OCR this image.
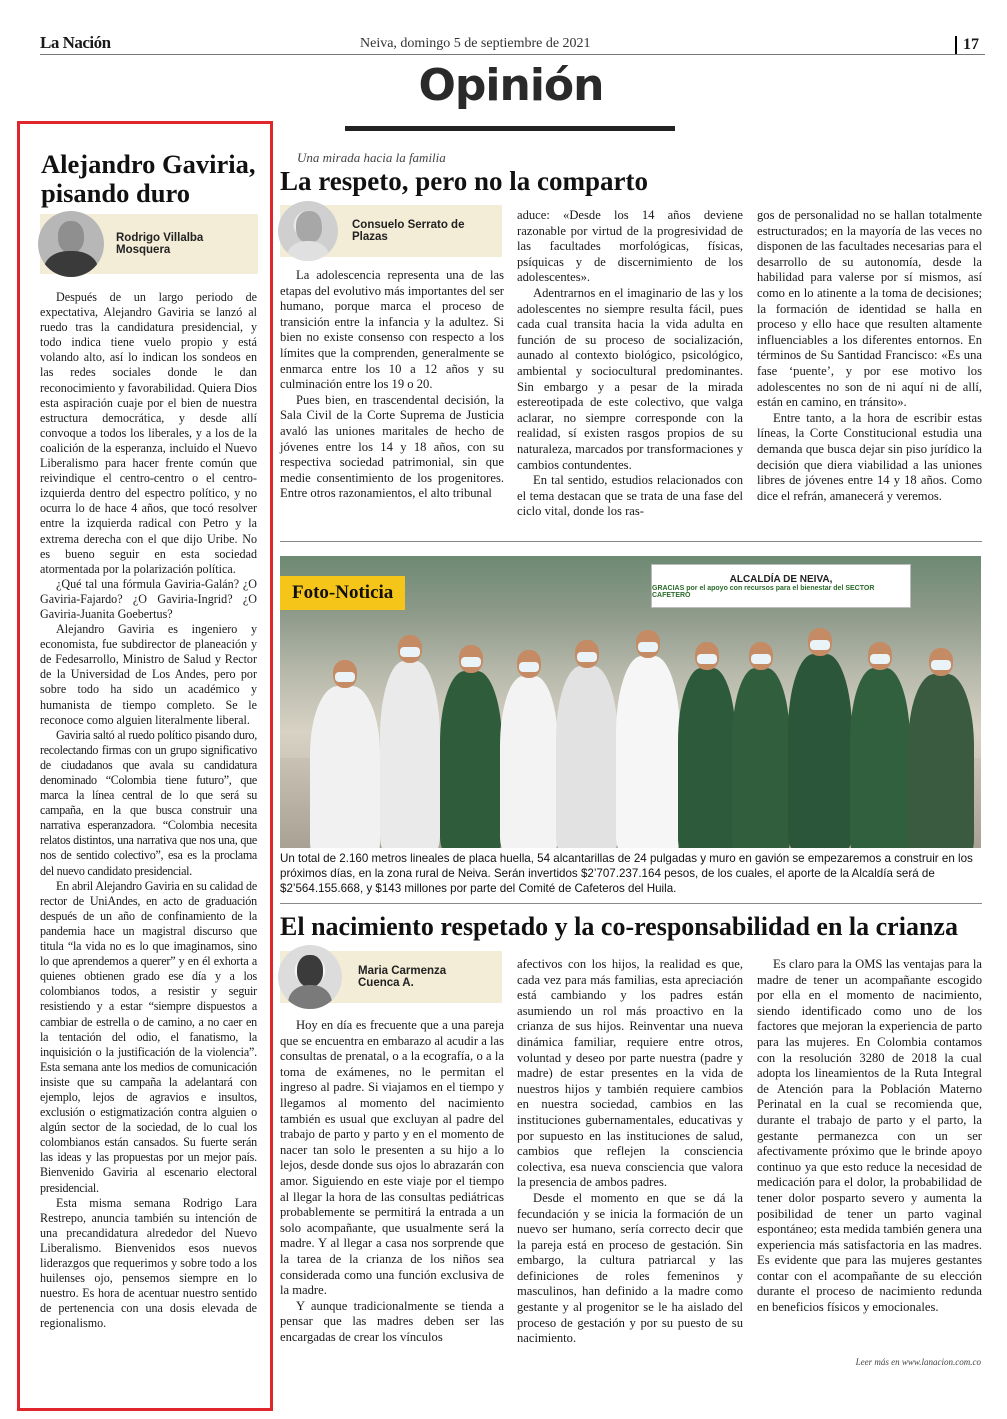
La Nación	Neiva, domingo 5 de septiembre de 2021	17
Opinión
Alejandro Gaviria, pisando duro
Rodrigo Villalba Mosquera

Después de un largo periodo de expectativa, Alejandro Gaviria se lanzó al ruedo tras la candidatura presidencial, y todo indica tiene vuelo propio y está volando alto, así lo indican los sondeos en las redes sociales donde le dan reconocimiento y favorabilidad. Quiera Dios esta aspiración cuaje por el bien de nuestra estructura democrática, y desde allí convoque a todos los liberales, y a los de la coalición de la esperanza, incluido el Nuevo Liberalismo para hacer frente común que reivindique el centro-centro o el centro-izquierda dentro del espectro político, y no ocurra lo de hace 4 años, que tocó resolver entre la izquierda radical con Petro y la extrema derecha con el que dijo Uribe. No es bueno seguir en esta sociedad atormentada por la polarización política.

¿Qué tal una fórmula Gaviria-Galán? ¿O Gaviria-Fajardo? ¿O Gaviria-Ingrid? ¿O Gaviria-Juanita Goebertus?

Alejandro Gaviria es ingeniero y economista, fue subdirector de planeación y de Fedesarrollo, Ministro de Salud y Rector de la Universidad de Los Andes, pero por sobre todo ha sido un académico y humanista de tiempo completo. Se le reconoce como alguien literalmente liberal.

Gaviria saltó al ruedo político pisando duro, recolectando firmas con un grupo significativo de ciudadanos que avala su candidatura denominado “Colombia tiene futuro”, que marca la línea central de lo que será su campaña, en la que busca construir una narrativa esperanzadora. “Colombia necesita relatos distintos, una narrativa que nos una, que nos de sentido colectivo”, esa es la proclama del nuevo candidato presidencial.

En abril Alejandro Gaviria en su calidad de rector de UniAndes, en acto de graduación después de un año de confinamiento de la pandemia hace un magistral discurso que titula “la vida no es lo que imaginamos, sino lo que aprendemos a querer” y en él exhorta a quienes obtienen grado ese día y a los colombianos todos, a resistir y seguir resistiendo y a estar “siempre dispuestos a cambiar de estrella o de camino, a no caer en la tentación del odio, el fanatismo, la inquisición o la justificación de la violencia”. Esta semana ante los medios de comunicación insiste que su campaña la adelantará con ejemplo, lejos de agravios e insultos, exclusión o estigmatización contra alguien o algún sector de la sociedad, de lo cual los colombianos están cansados. Su fuerte serán las ideas y las propuestas por un mejor país. Bienvenido Gaviria al escenario electoral presidencial.

Esta misma semana Rodrigo Lara Restrepo, anuncia también su intención de una precandidatura alrededor del Nuevo Liberalismo. Bienvenidos esos nuevos liderazgos que requerimos y sobre todo a los huilenses ojo, pensemos siempre en lo nuestro. Es hora de acentuar nuestro sentido de pertenencia con una dosis elevada de regionalismo.

Una mirada hacia la familia
La respeto, pero no la comparto
Consuelo Serrato de Plazas

La adolescencia representa una de las etapas del evolutivo más importantes del ser humano, porque marca el proceso de transición entre la infancia y la adultez. Si bien no existe consenso con respecto a los límites que la comprenden, generalmente se enmarca entre los 10 a 12 años y su culminación entre los 19 o 20.

Pues bien, en trascendental decisión, la Sala Civil de la Corte Suprema de Justicia avaló las uniones maritales de hecho de jóvenes entre los 14 y 18 años, con su respectiva sociedad patrimonial, sin que medie consentimiento de los progenitores. Entre otros razonamientos, el alto tribunal

aduce: «Desde los 14 años deviene razonable por virtud de la progresividad de las facultades morfológicas, físicas, psíquicas y de discernimiento de los adolescentes».

Adentrarnos en el imaginario de las y los adolescentes no siempre resulta fácil, pues cada cual transita hacia la vida adulta en función de su proceso de socialización, aunado al contexto biológico, psicológico, ambiental y sociocultural predominantes. Sin embargo y a pesar de la mirada estereotipada de este colectivo, que valga aclarar, no siempre corresponde con la realidad, sí existen rasgos propios de su naturaleza, marcados por transformaciones y cambios contundentes.

En tal sentido, estudios relacionados con el tema destacan que se trata de una fase del ciclo vital, donde los ras-

gos de personalidad no se hallan totalmente estructurados; en la mayoría de las veces no disponen de las facultades necesarias para el desarrollo de su autonomía, desde la habilidad para valerse por sí mismos, así como en lo atinente a la toma de decisiones; la formación de identidad se halla en proceso y ello hace que resulten altamente influenciables a los diferentes entornos. En términos de Su Santidad Francisco: «Es una fase ‘puente’, y por ese motivo los adolescentes no son de ni aquí ni de allí, están en camino, en tránsito».

Entre tanto, a la hora de escribir estas líneas, la Corte Constitucional estudia una demanda que busca dejar sin piso jurídico la decisión que diera viabilidad a las uniones libres de jóvenes entre 14 y 18 años. Como dice el refrán, amanecerá y veremos.

ALCALDÍA DE NEIVA,
GRACIAS por el apoyo con recursos para el bienestar del SECTOR CAFETERO
Foto-Noticia
Un total de 2.160 metros lineales de placa huella, 54 alcantarillas de 24 pulgadas y muro en gavión se empezaremos a construir en los próximos días, en la zona rural de Neiva. Serán invertidos $2’707.237.164 pesos, de los cuales, el aporte de la Alcaldía será de $2’564.155.668, y $143 millones por parte del Comité de Cafeteros del Huila.
El nacimiento respetado y la co-responsabilidad en la crianza
Maria Carmenza Cuenca A.

Hoy en día es frecuente que a una pareja que se encuentra en embarazo al acudir a las consultas de prenatal, o a la ecografía, o a la toma de exámenes, no le permitan el ingreso al padre. Si viajamos en el tiempo y llegamos al momento del nacimiento también es usual que excluyan al padre del trabajo de parto y parto y en el momento de nacer tan solo le presenten a su hijo a lo lejos, desde donde sus ojos lo abrazarán con amor. Siguiendo en este viaje por el tiempo al llegar la hora de las consultas pediátricas probablemente se permitirá la entrada a un solo acompañante, que usualmente será la madre. Y al llegar a casa nos sorprende que la tarea de la crianza de los niños sea considerada como una función exclusiva de la madre.

Y aunque tradicionalmente se tienda a pensar que las madres deben ser las encargadas de crear los vínculos

afectivos con los hijos, la realidad es que, cada vez para más familias, esta apreciación está cambiando y los padres están asumiendo un rol más proactivo en la crianza de sus hijos. Reinventar una nueva dinámica familiar, requiere entre otros, voluntad y deseo por parte nuestra (padre y madre) de estar presentes en la vida de nuestros hijos y también requiere cambios en nuestra sociedad, cambios en las instituciones gubernamentales, educativas y por supuesto en las instituciones de salud, cambios que reflejen la consciencia colectiva, esa nueva consciencia que valora la presencia de ambos padres.

Desde el momento en que se dá la fecundación y se inicia la formación de un nuevo ser humano, sería correcto decir que la pareja está en proceso de gestación. Sin embargo, la cultura patriarcal y las definiciones de roles femeninos y masculinos, han definido a la madre como gestante y al progenitor se le ha aislado del proceso de gestación y por su puesto de su nacimiento.

Es claro para la OMS las ventajas para la madre de tener un acompañante escogido por ella en el momento de nacimiento, siendo identificado como uno de los factores que mejoran la experiencia de parto para las mujeres. En Colombia contamos con la resolución 3280 de 2018 la cual adopta los lineamientos de la Ruta Integral de Atención para la Población Materno Perinatal en la cual se recomienda que, durante el trabajo de parto y el parto, la gestante permanezca con un ser afectivamente próximo que le brinde apoyo continuo ya que esto reduce la necesidad de medicación para el dolor, la probabilidad de tener dolor posparto severo y aumenta la posibilidad de tener un parto vaginal espontáneo; esta medida también genera una experiencia más satisfactoria en las madres. Es evidente que para las mujeres gestantes contar con el acompañante de su elección durante el proceso de nacimiento redunda en beneficios físicos y emocionales.

Leer más en www.lanacion.com.co
